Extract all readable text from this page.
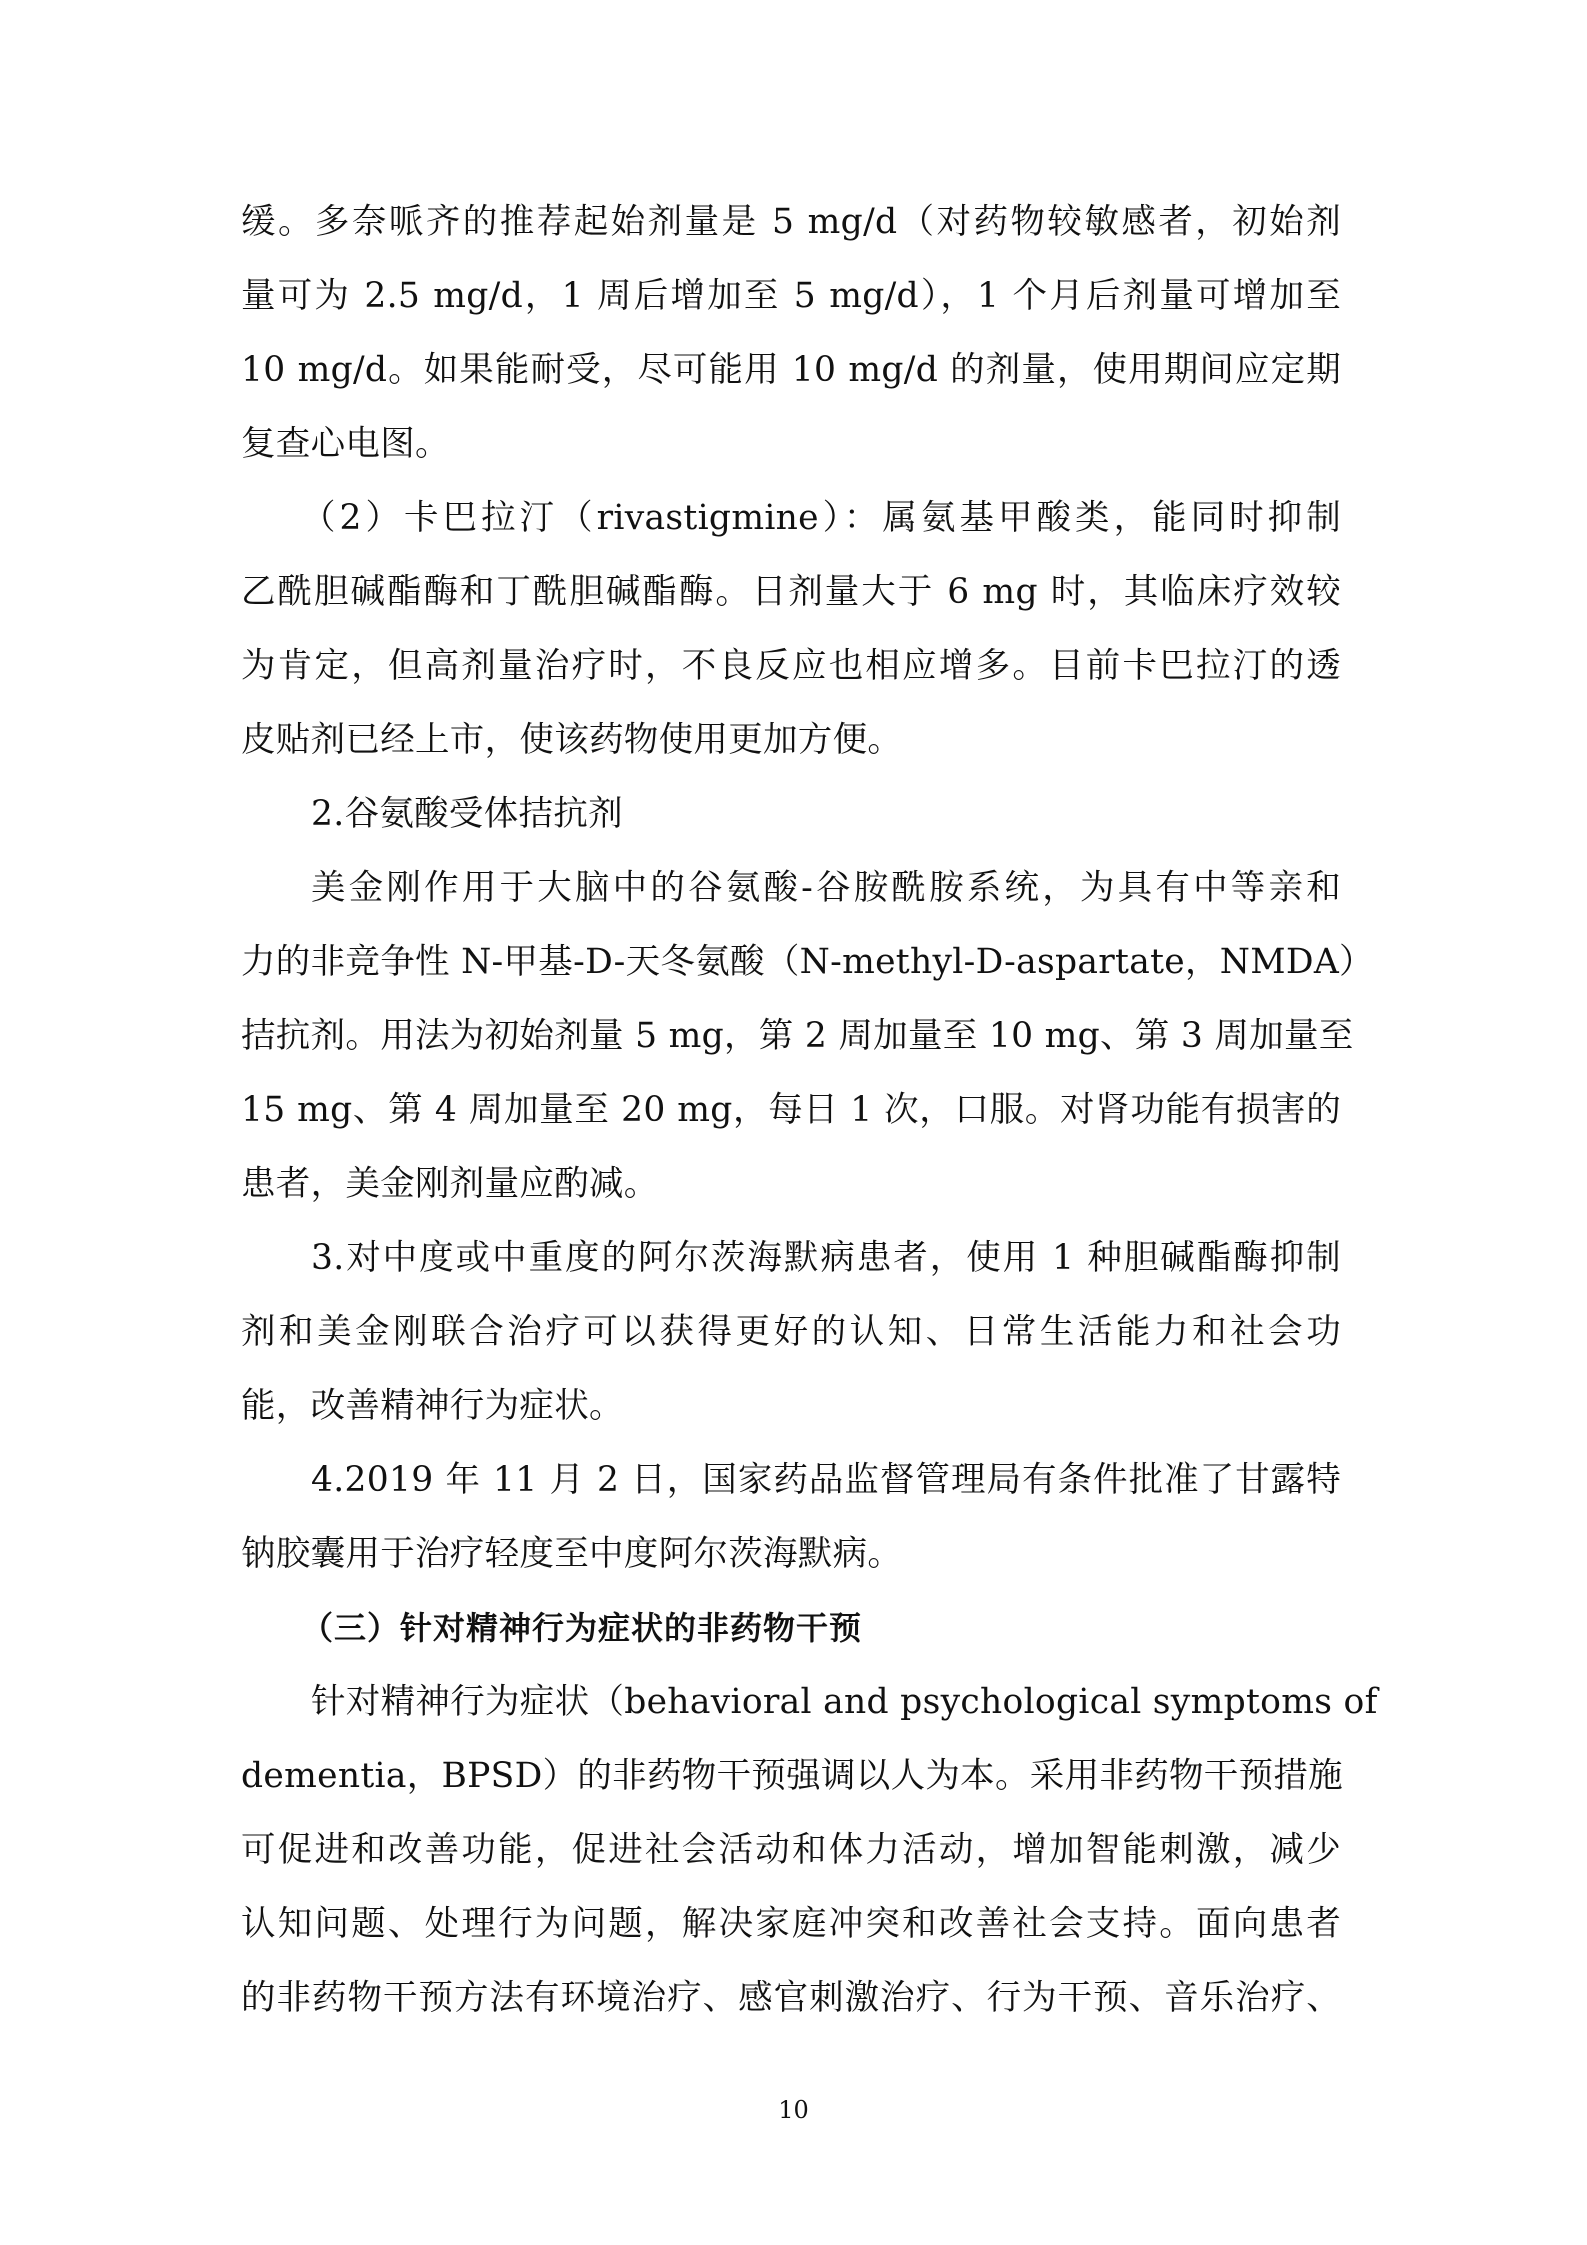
缓。多奈哌齐的推荐起始剂量是 5 mg/d（对药物较敏感者，初始剂
量可为 2.5 mg/d，1 周后增加至 5 mg/d），1 个月后剂量可增加至
10 mg/d。如果能耐受，尽可能用 10 mg/d 的剂量，使用期间应定期
复查心电图。
（2）卡巴拉汀（rivastigmine）：属氨基甲酸类，能同时抑制
乙酰胆碱酯酶和丁酰胆碱酯酶。日剂量大于 6 mg 时，其临床疗效较
为肯定，但高剂量治疗时，不良反应也相应增多。目前卡巴拉汀的透
皮贴剂已经上市，使该药物使用更加方便。
2.谷氨酸受体拮抗剂
美金刚作用于大脑中的谷氨酸-谷胺酰胺系统，为具有中等亲和
力的非竞争性 N-甲基-D-天冬氨酸（N-methyl-D-aspartate，NMDA）
拮抗剂。用法为初始剂量 5 mg，第 2 周加量至 10 mg、第 3 周加量至
15 mg、第 4 周加量至 20 mg，每日 1 次，口服。对肾功能有损害的
患者，美金刚剂量应酌减。
3.对中度或中重度的阿尔茨海默病患者，使用 1 种胆碱酯酶抑制
剂和美金刚联合治疗可以获得更好的认知、日常生活能力和社会功
能，改善精神行为症状。
4.2019 年 11 月 2 日，国家药品监督管理局有条件批准了甘露特
钠胶囊用于治疗轻度至中度阿尔茨海默病。
（三）针对精神行为症状的非药物干预
针对精神行为症状（behavioral and psychological symptoms of
dementia，BPSD）的非药物干预强调以人为本。采用非药物干预措施
可促进和改善功能，促进社会活动和体力活动，增加智能刺激，减少
认知问题、处理行为问题，解决家庭冲突和改善社会支持。面向患者
的非药物干预方法有环境治疗、感官刺激治疗、行为干预、音乐治疗、
10
